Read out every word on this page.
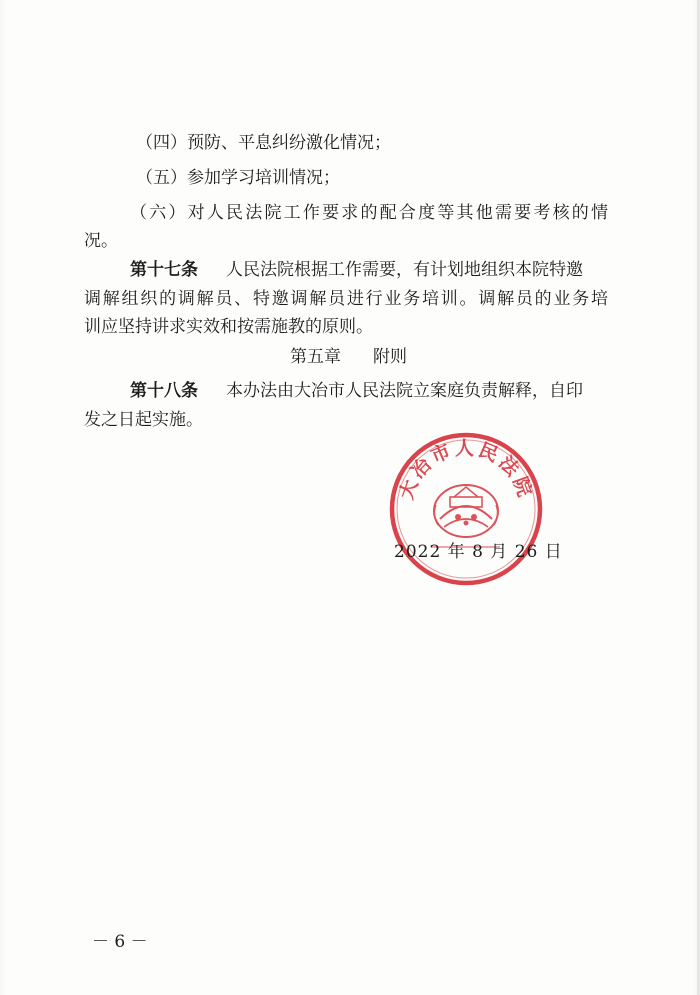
（四）预防、平息纠纷激化情况；
（五）参加学习培训情况；
（六）对人民法院工作要求的配合度等其他需要考核的情
况。
第十七条 人民法院根据工作需要，有计划地组织本院特邀
调解组织的调解员、特邀调解员进行业务培训。调解员的业务培
训应坚持讲求实效和按需施教的原则。
第五章 附则
第十八条 本办法由大冶市人民法院立案庭负责解释，自印
发之日起实施。
大冶市人民法院
2022 年 8 月 26 日
－ 6 －
